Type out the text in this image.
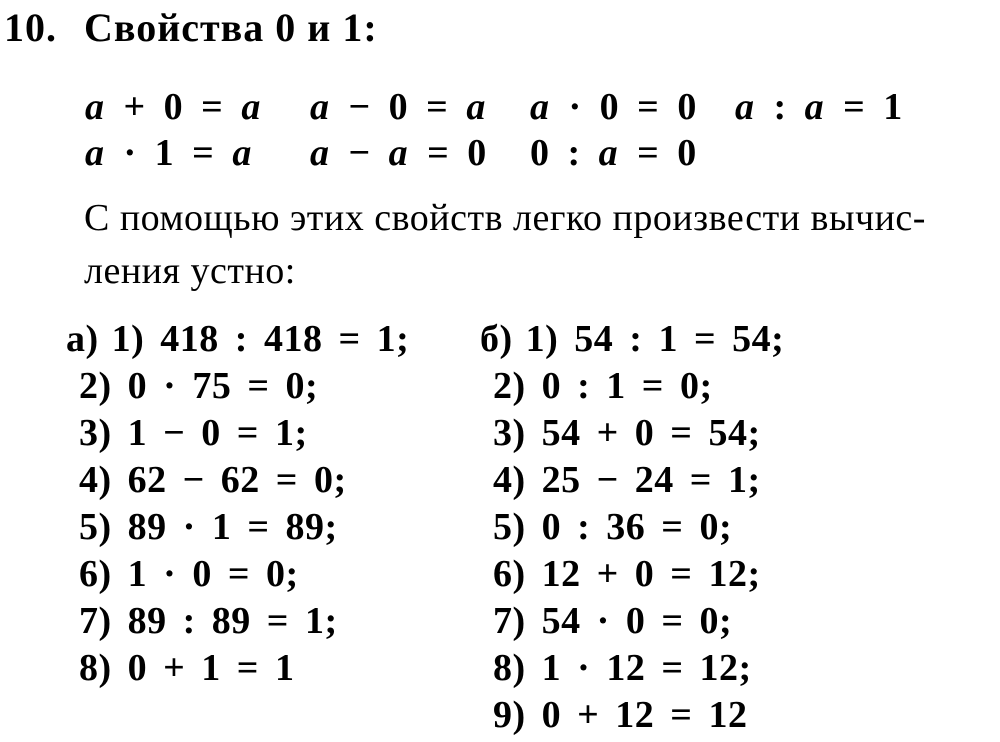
10. Свойства 0 и 1:
a + 0 = a	a − 0 = a	a · 0 = 0 a : a = 1
a · 1 = a	a − a = 0	0 : a = 0
С помощью этих свойств легко произвести вычис-
ления устно:
а) 1) 418 : 418 = 1;
2) 0 · 75 = 0;
3) 1 − 0 = 1;
4) 62 − 62 = 0;
5) 89 · 1 = 89;
6) 1 · 0 = 0;
7) 89 : 89 = 1;
8) 0 + 1 = 1
б) 1) 54 : 1 = 54;
2) 0 : 1 = 0;
3) 54 + 0 = 54;
4) 25 − 24 = 1;
5) 0 : 36 = 0;
6) 12 + 0 = 12;
7) 54 · 0 = 0;
8) 1 · 12 = 12;
9) 0 + 12 = 12
